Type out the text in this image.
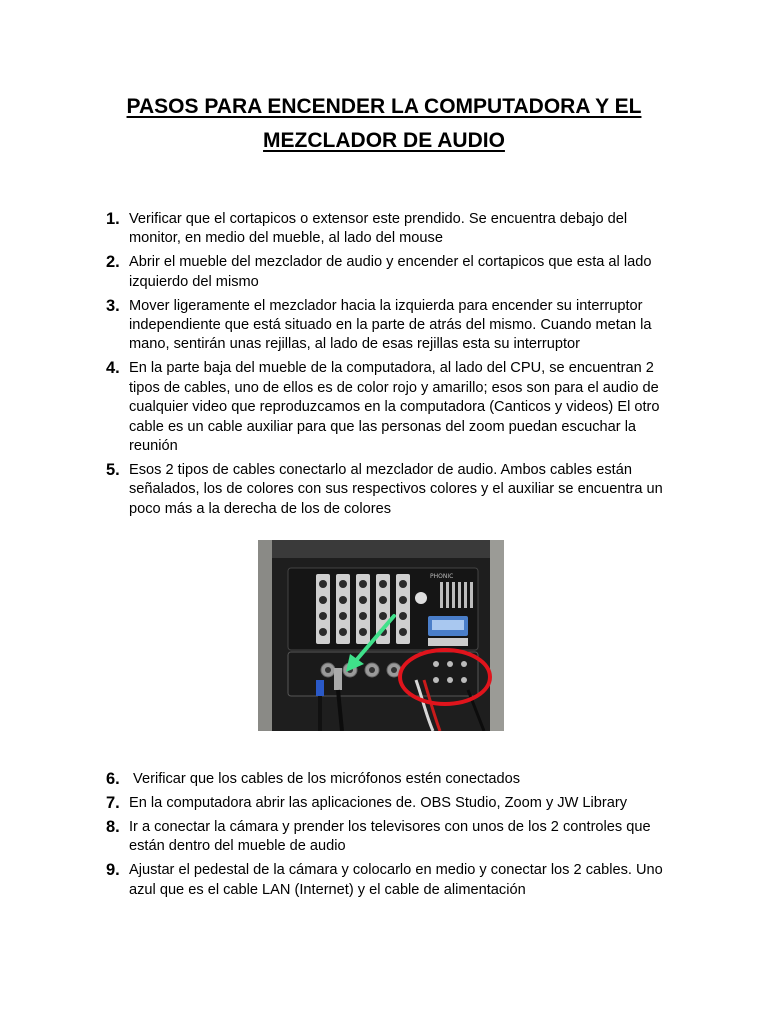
PASOS PARA ENCENDER LA COMPUTADORA Y EL
MEZCLADOR DE AUDIO
1. Verificar que el cortapicos o extensor este prendido. Se encuentra debajo del monitor, en medio del mueble, al lado del mouse
2. Abrir el mueble del mezclador de audio y encender el cortapicos que esta al lado izquierdo del mismo
3. Mover ligeramente el mezclador hacia la izquierda para encender su interruptor independiente que está situado en la parte de atrás del mismo. Cuando metan la mano, sentirán unas rejillas, al lado de esas rejillas esta su interruptor
4. En la parte baja del mueble de la computadora, al lado del CPU, se encuentran 2 tipos de cables, uno de ellos es de color rojo y amarillo; esos son para el audio de cualquier video que reproduzcamos en la computadora (Canticos y videos) El otro cable es un cable auxiliar para que las personas del zoom puedan escuchar la reunión
5. Esos 2 tipos de cables conectarlo al mezclador de audio. Ambos cables están señalados, los de colores con sus respectivos colores y el auxiliar se encuentra un poco más a la derecha de los de colores
PHONIC
6. Verificar que los cables de los micrófonos estén conectados
7. En la computadora abrir las aplicaciones de. OBS Studio, Zoom y JW Library
8. Ir a conectar la cámara y prender los televisores con unos de los 2 controles que están dentro del mueble de audio
9. Ajustar el pedestal de la cámara y colocarlo en medio y conectar los 2 cables. Uno azul que es el cable LAN (Internet) y el cable de alimentación
